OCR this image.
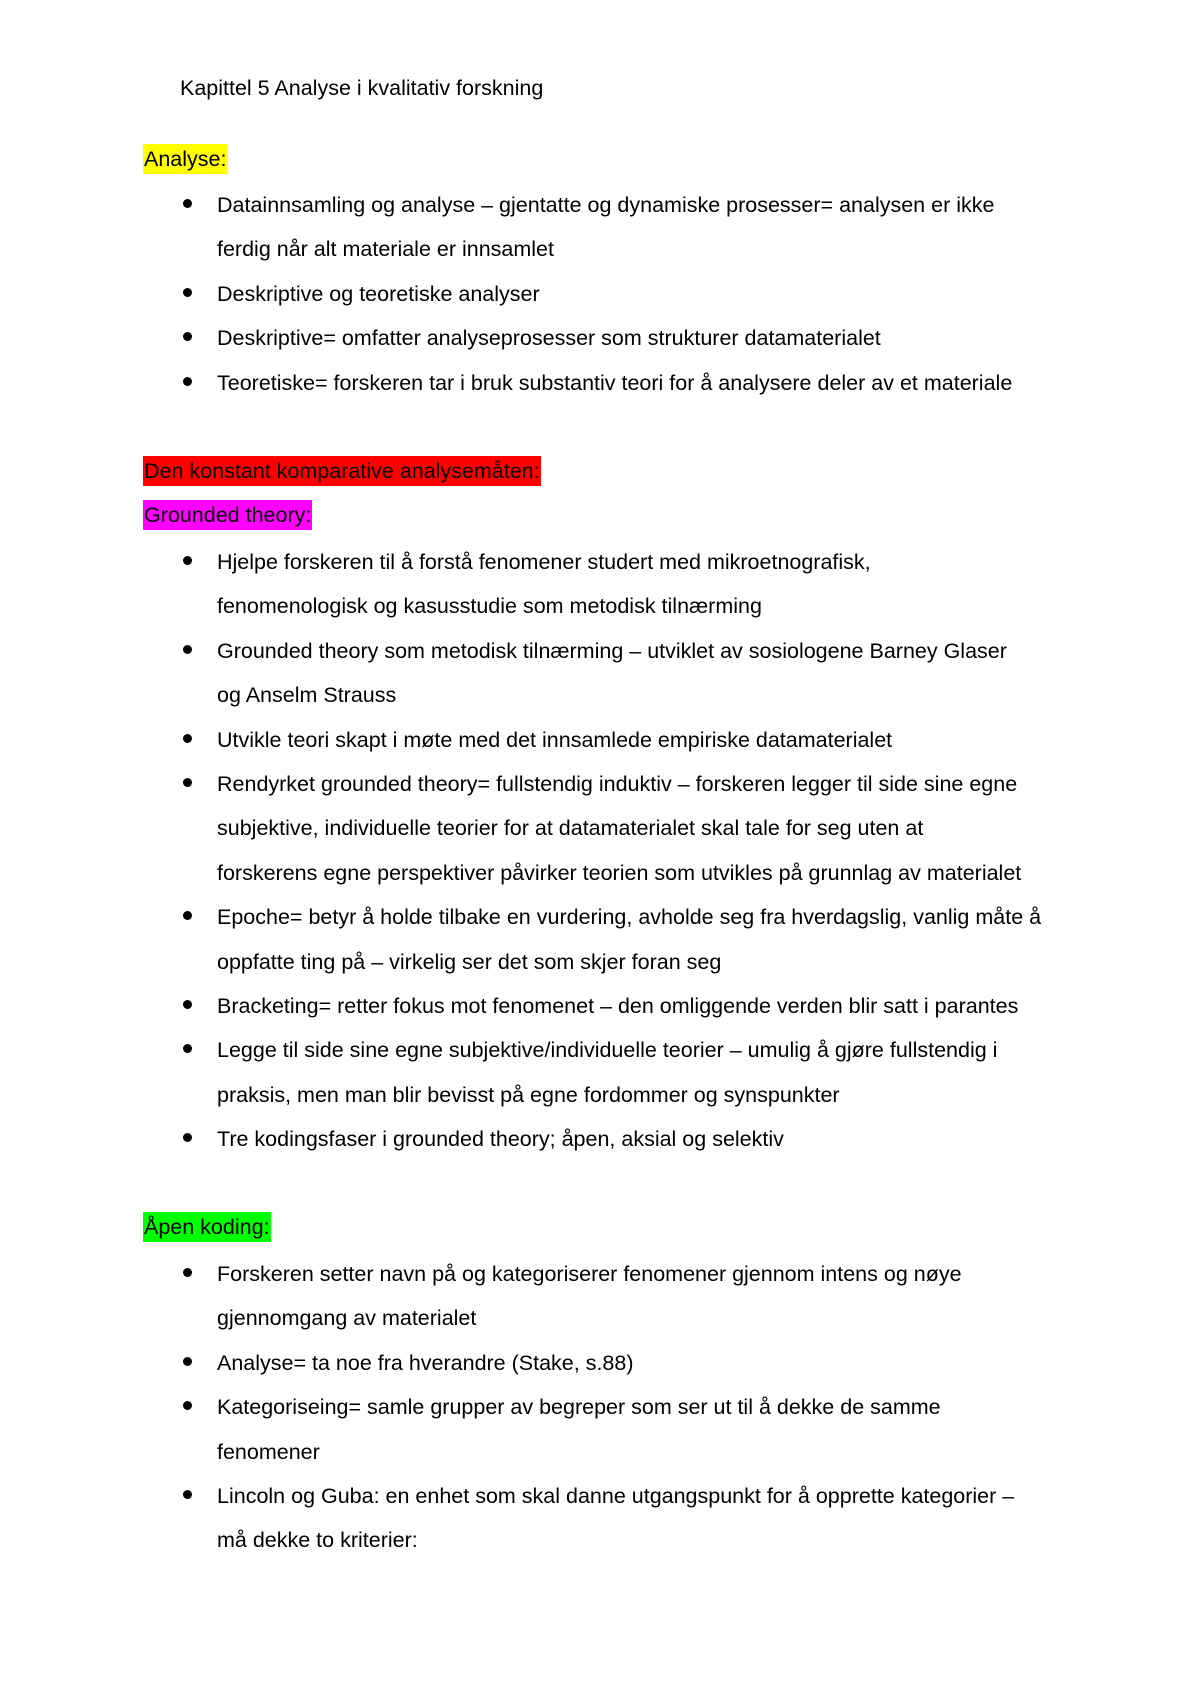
Kapittel 5 Analyse i kvalitativ forskning
Analyse:
Datainnsamling og analyse – gjentatte og dynamiske prosesser= analysen er ikke
ferdig når alt materiale er innsamlet
Deskriptive og teoretiske analyser
Deskriptive= omfatter analyseprosesser som strukturer datamaterialet
Teoretiske= forskeren tar i bruk substantiv teori for å analysere deler av et materiale
Den konstant komparative analysemåten:
Grounded theory:
Hjelpe forskeren til å forstå fenomener studert med mikroetnografisk,
fenomenologisk og kasusstudie som metodisk tilnærming
Grounded theory som metodisk tilnærming – utviklet av sosiologene Barney Glaser
og Anselm Strauss
Utvikle teori skapt i møte med det innsamlede empiriske datamaterialet
Rendyrket grounded theory= fullstendig induktiv – forskeren legger til side sine egne
subjektive, individuelle teorier for at datamaterialet skal tale for seg uten at
forskerens egne perspektiver påvirker teorien som utvikles på grunnlag av materialet
Epoche= betyr å holde tilbake en vurdering, avholde seg fra hverdagslig, vanlig måte å
oppfatte ting på – virkelig ser det som skjer foran seg
Bracketing= retter fokus mot fenomenet – den omliggende verden blir satt i parantes
Legge til side sine egne subjektive/individuelle teorier – umulig å gjøre fullstendig i
praksis, men man blir bevisst på egne fordommer og synspunkter
Tre kodingsfaser i grounded theory; åpen, aksial og selektiv
Åpen koding:
Forskeren setter navn på og kategoriserer fenomener gjennom intens og nøye
gjennomgang av materialet
Analyse= ta noe fra hverandre (Stake, s.88)
Kategoriseing= samle grupper av begreper som ser ut til å dekke de samme
fenomener
Lincoln og Guba: en enhet som skal danne utgangspunkt for å opprette kategorier –
må dekke to kriterier:
